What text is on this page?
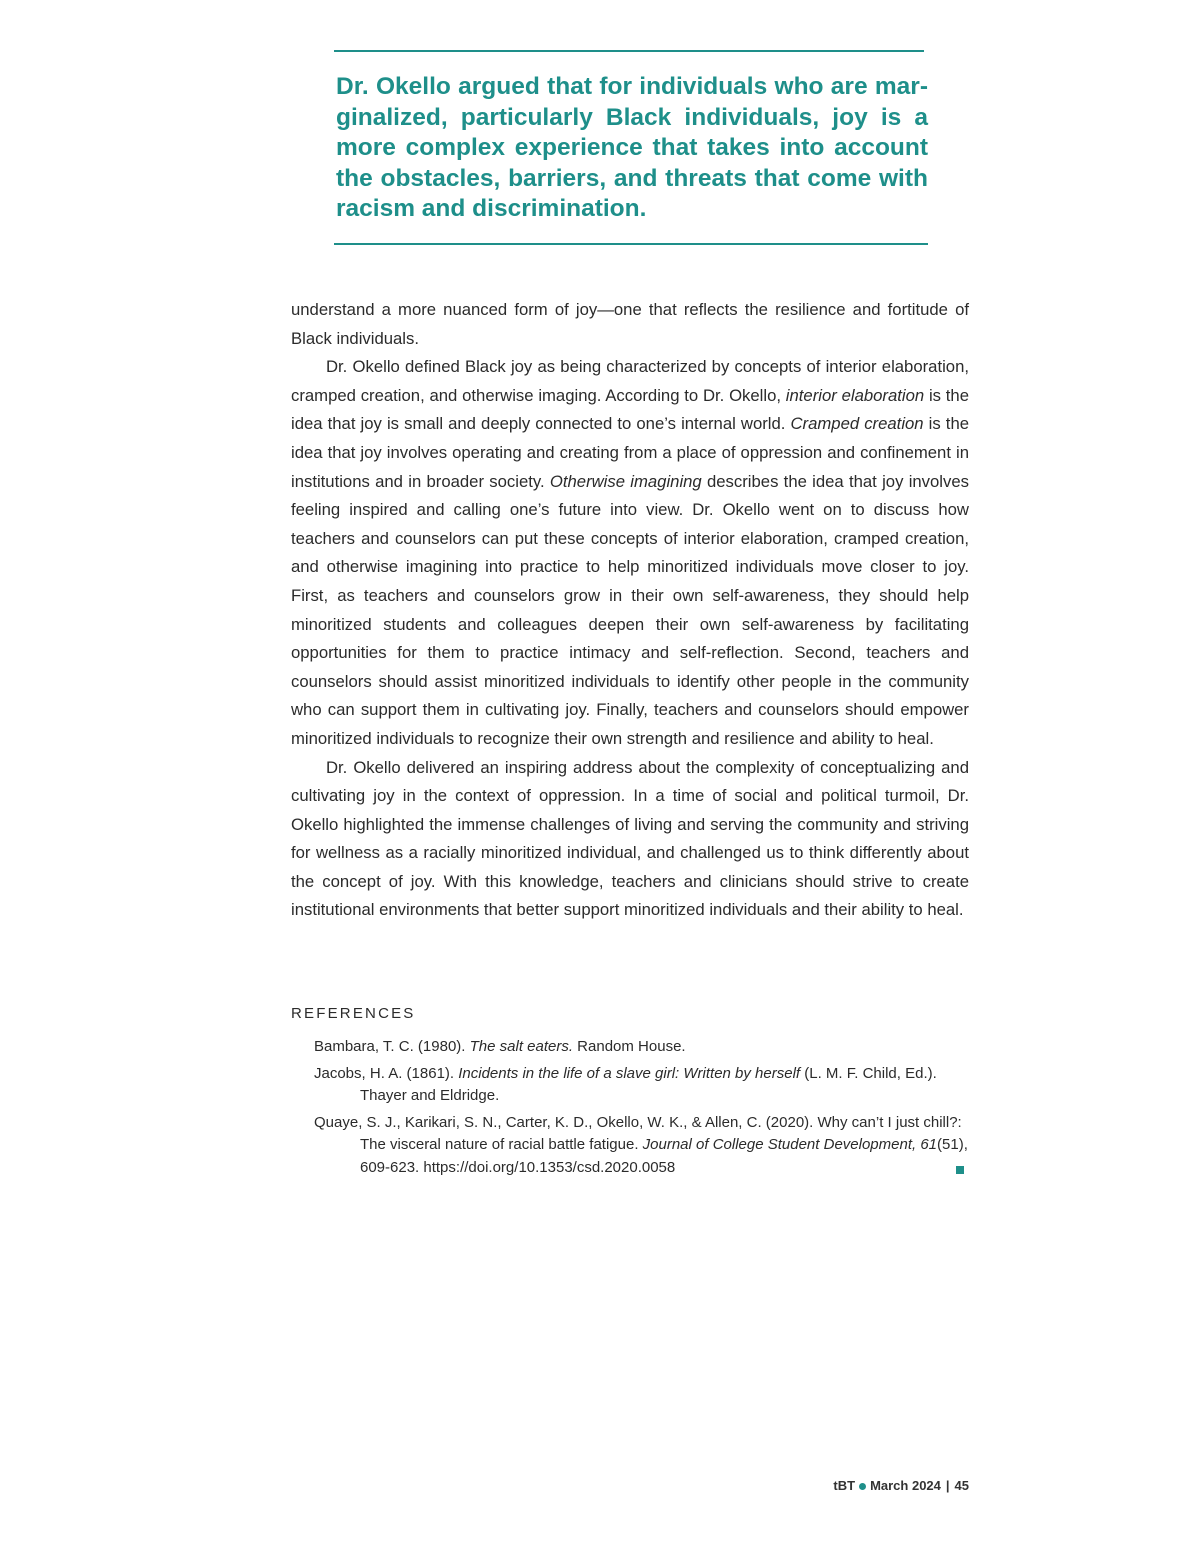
Dr. Okello argued that for individuals who are marginalized, particularly Black individuals, joy is a more complex experience that takes into account the obstacles, barriers, and threats that come with racism and discrimination.

understand a more nuanced form of joy—one that reflects the resilience and fortitude of Black individuals.

Dr. Okello defined Black joy as being characterized by concepts of interior elaboration, cramped creation, and otherwise imaging. According to Dr. Okello, interior elaboration is the idea that joy is small and deeply connected to one’s internal world. Cramped creation is the idea that joy involves operating and creating from a place of oppression and confinement in institutions and in broader society. Otherwise imagining describes the idea that joy involves feeling inspired and calling one’s future into view. Dr. Okello went on to discuss how teachers and counselors can put these concepts of interior elaboration, cramped creation, and otherwise imagining into practice to help minoritized individuals move closer to joy. First, as teachers and counselors grow in their own self-awareness, they should help minoritized students and colleagues deepen their own self-awareness by facilitating opportunities for them to practice intimacy and self-reflection. Second, teachers and counselors should assist minoritized individuals to identify other people in the community who can support them in cultivating joy. Finally, teachers and counselors should empower minoritized individuals to recognize their own strength and resilience and ability to heal.

Dr. Okello delivered an inspiring address about the complexity of conceptualizing and cultivating joy in the context of oppression. In a time of social and political turmoil, Dr. Okello highlighted the immense challenges of living and serving the community and striving for wellness as a racially minoritized individual, and challenged us to think differently about the concept of joy. With this knowledge, teachers and clinicians should strive to create institutional environments that better support minoritized individuals and their ability to heal.

REFERENCES
Bambara, T. C. (1980). The salt eaters. Random House.
Jacobs, H. A. (1861). Incidents in the life of a slave girl: Written by herself (L. M. F. Child, Ed.). Thayer and Eldridge.
Quaye, S. J., Karikari, S. N., Carter, K. D., Okello, W. K., & Allen, C. (2020). Why can’t I just chill?: The visceral nature of racial battle fatigue. Journal of College Student Development, 61(51), 609-623. https://doi.org/10.1353/csd.2020.0058
tBT March 2024 | 45
